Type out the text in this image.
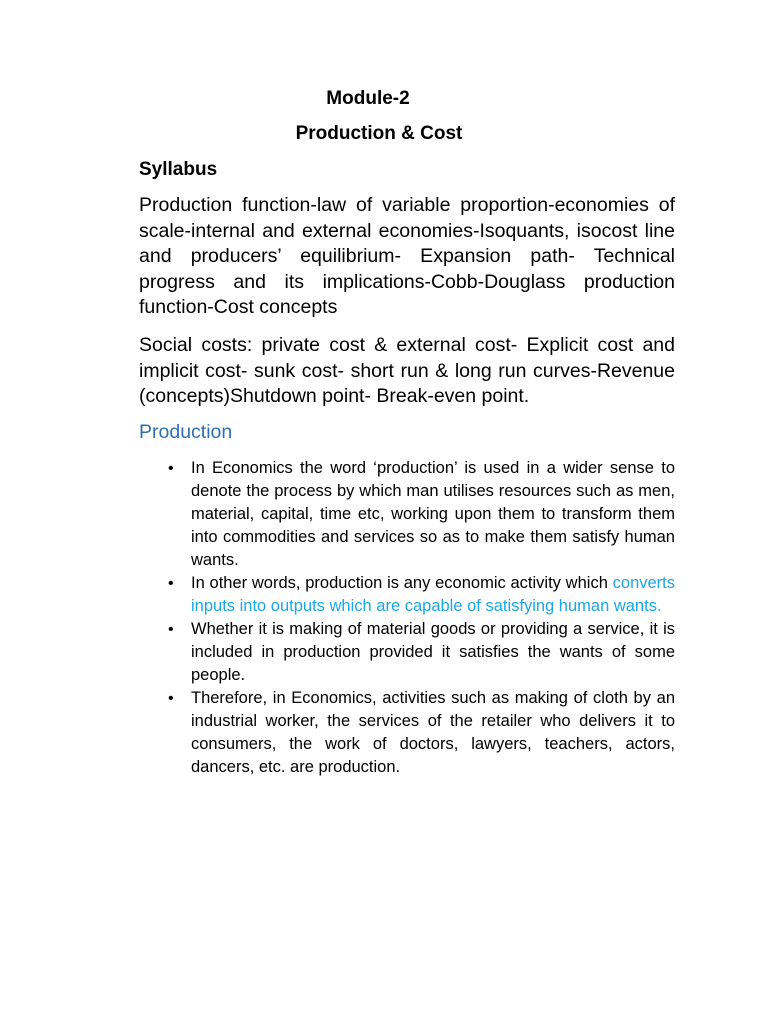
Module-2
Production & Cost
Syllabus

Production function-law of variable proportion-economies of scale-internal and external economies-Isoquants, isocost line and producers’ equilibrium- Expansion path- Technical progress and its implications-Cobb-Douglass production function-Cost concepts

Social costs: private cost & external cost- Explicit cost and implicit cost- sunk cost- short run & long run curves-Revenue (concepts)Shutdown point- Break-even point.

Production
• In Economics the word ‘production’ is used in a wider sense to denote the process by which man utilises resources such as men, material, capital, time etc, working upon them to transform them into commodities and services so as to make them satisfy human wants.
• In other words, production is any economic activity which converts inputs into outputs which are capable of satisfying human wants.
• Whether it is making of material goods or providing a service, it is included in production provided it satisfies the wants of some people.
• Therefore, in Economics, activities such as making of cloth by an industrial worker, the services of the retailer who delivers it to consumers, the work of doctors, lawyers, teachers, actors, dancers, etc. are production.
